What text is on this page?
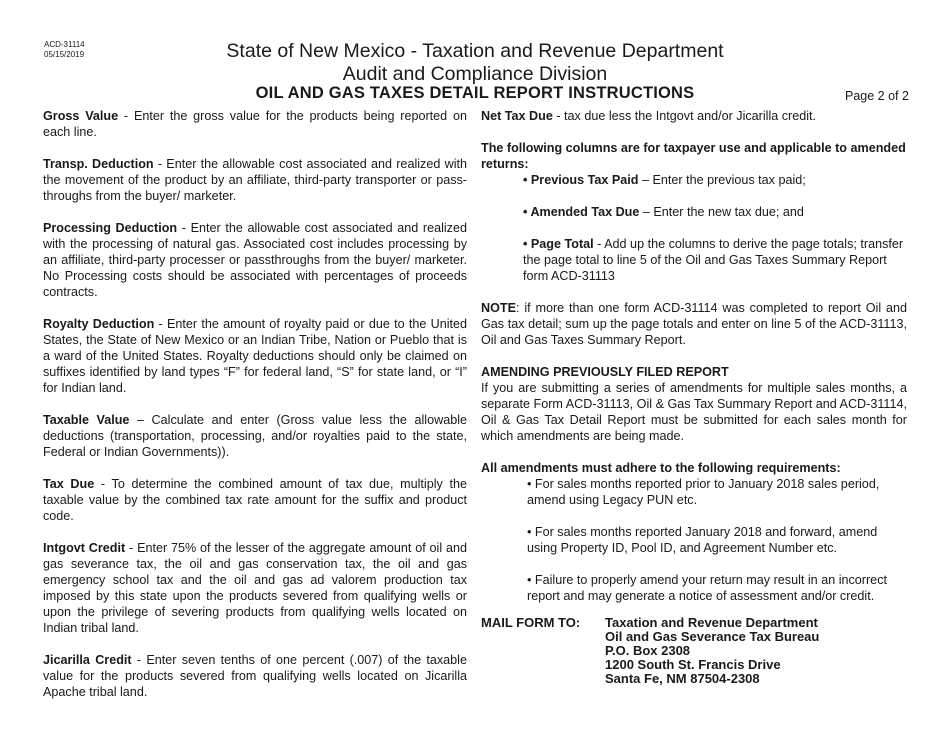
ACD-31114
05/15/2019	State of New Mexico - Taxation and Revenue Department
Audit and Compliance Division
OIL AND GAS TAXES DETAIL REPORT INSTRUCTIONS	Page 2 of 2

Gross Value - Enter the gross value for the products being reported on each line.

Transp. Deduction - Enter the allowable cost associated and realized with the movement of the product by an affiliate, third-party transporter or pass-throughs from the buyer/ marketer.

Processing Deduction - Enter the allowable cost associated and realized with the processing of natural gas. Associated cost includes processing by an affiliate, third-party processer or passthroughs from the buyer/ marketer. No Processing costs should be associated with percentages of proceeds contracts.

Royalty Deduction - Enter the amount of royalty paid or due to the United States, the State of New Mexico or an Indian Tribe, Nation or Pueblo that is a ward of the United States. Royalty deductions should only be claimed on suffixes identified by land types “F” for federal land, “S” for state land, or “I” for Indian land.

Taxable Value – Calculate and enter (Gross value less the allowable deductions (transportation, processing, and/or royalties paid to the state, Federal or Indian Governments)).

Tax Due - To determine the combined amount of tax due, multiply the taxable value by the combined tax rate amount for the suffix and product code.

Intgovt Credit - Enter 75% of the lesser of the aggregate amount of oil and gas severance tax, the oil and gas conservation tax, the oil and gas emergency school tax and the oil and gas ad valorem production tax imposed by this state upon the products severed from qualifying wells or upon the privilege of severing products from qualifying wells located on Indian tribal land.

Jicarilla Credit - Enter seven tenths of one percent (.007) of the taxable value for the products severed from qualifying wells located on Jicarilla Apache tribal land.

Net Tax Due - tax due less the Intgovt and/or Jicarilla credit.

The following columns are for taxpayer use and applicable to amended returns:

• Previous Tax Paid – Enter the previous tax paid;

• Amended Tax Due – Enter the new tax due; and

• Page Total - Add up the columns to derive the page totals; transfer the page total to line 5 of the Oil and Gas Taxes Summary Report form ACD-31113

NOTE: if more than one form ACD-31114 was completed to report Oil and Gas tax detail; sum up the page totals and enter on line 5 of the ACD-31113, Oil and Gas Taxes Summary Report.

AMENDING PREVIOUSLY FILED REPORT

If you are submitting a series of amendments for multiple sales months, a separate Form ACD-31113, Oil & Gas Tax Summary Report and ACD-31114, Oil & Gas Tax Detail Report must be submitted for each sales month for which amendments are being made.

All amendments must adhere to the following requirements:

• For sales months reported prior to January 2018 sales period, amend using Legacy PUN etc.

• For sales months reported January 2018 and forward, amend using Property ID, Pool ID, and Agreement Number etc.

• Failure to properly amend your return may result in an incorrect report and may generate a notice of assessment and/or credit.

MAIL FORM TO: Taxation and Revenue Department
Oil and Gas Severance Tax Bureau
P.O. Box 2308
1200 South St. Francis Drive
Santa Fe, NM 87504-2308
